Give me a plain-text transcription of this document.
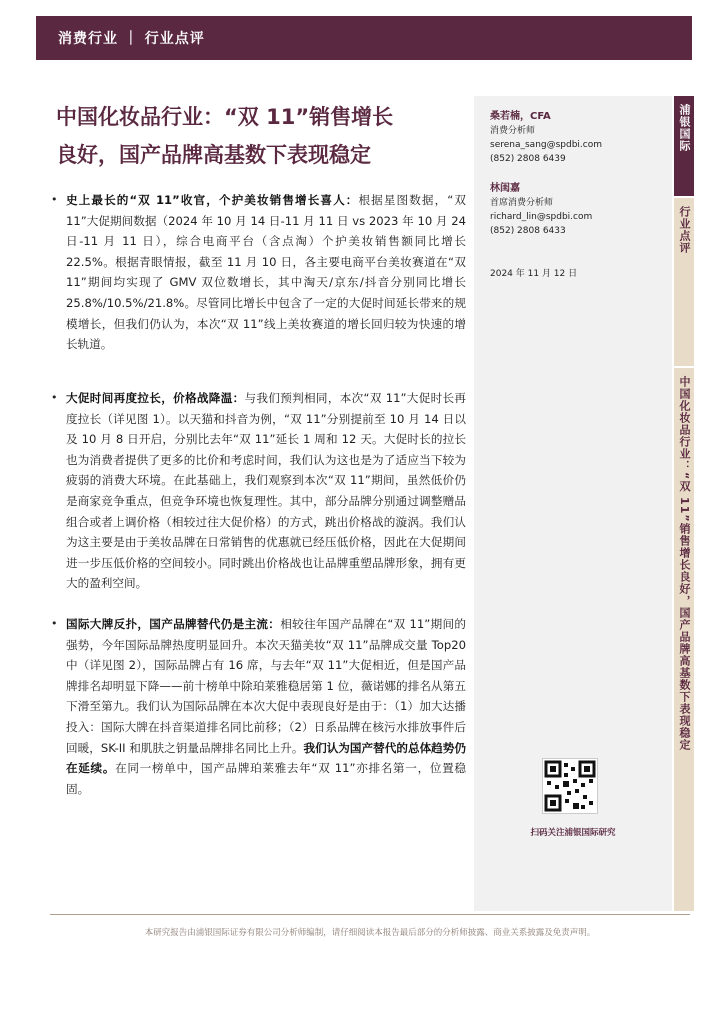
消费行业 ｜ 行业点评
中国化妆品行业：“双 11”销售增长
良好，国产品牌高基数下表现稳定
• 史上最长的“双 11”收官，个护美妆销售增长喜人：根据星图数据，“双 11”大促期间数据（2024 年 10 月 14 日-11 月 11 日 vs 2023 年 10 月 24 日-11 月 11 日），综合电商平台（含点淘）个护美妆销售额同比增长 22.5%。根据青眼情报，截至 11 月 10 日，各主要电商平台美妆赛道在“双 11”期间均实现了 GMV 双位数增长，其中淘天/京东/抖音分别同比增长 25.8%/10.5%/21.8%。尽管同比增长中包含了一定的大促时间延长带来的规模增长，但我们仍认为，本次“双 11”线上美妆赛道的增长回归较为快速的增长轨道。
• 大促时间再度拉长，价格战降温：与我们预判相同，本次“双 11”大促时长再度拉长（详见图 1）。以天猫和抖音为例，“双 11”分别提前至 10 月 14 日以及 10 月 8 日开启，分别比去年“双 11”延长 1 周和 12 天。大促时长的拉长也为消费者提供了更多的比价和考虑时间，我们认为这也是为了适应当下较为疲弱的消费大环境。在此基础上，我们观察到本次“双 11”期间，虽然低价仍是商家竞争重点，但竞争环境也恢复理性。其中，部分品牌分别通过调整赠品组合或者上调价格（相较过往大促价格）的方式，跳出价格战的漩涡。我们认为这主要是由于美妆品牌在日常销售的优惠就已经压低价格，因此在大促期间进一步压低价格的空间较小。同时跳出价格战也让品牌重塑品牌形象，拥有更大的盈利空间。
• 国际大牌反扑，国产品牌替代仍是主流：相较往年国产品牌在“双 11”期间的强势，今年国际品牌热度明显回升。本次天猫美妆“双 11”品牌成交量 Top20 中（详见图 2），国际品牌占有 16 席，与去年“双 11”大促相近，但是国产品牌排名却明显下降——前十榜单中除珀莱雅稳居第 1 位，薇诺娜的排名从第五下滑至第九。我们认为国际品牌在本次大促中表现良好是由于：（1）加大达播投入：国际大牌在抖音渠道排名同比前移；（2）日系品牌在核污水排放事件后回暖，SK-II 和肌肤之钥量品牌排名同比上升。我们认为国产替代的总体趋势仍在延续。在同一榜单中，国产品牌珀莱雅去年“双 11”亦排名第一，位置稳固。
桑若楠，CFA
消费分析师
serena_sang@spdbi.com
(852) 2808 6439
林闺嘉
首席消费分析师
richard_lin@spdbi.com
(852) 2808 6433
2024 年 11 月 12 日
扫码关注浦银国际研究
浦银国际
行业点评
中国化妆品行业：“双 11”销售增长良好，国产品牌高基数下表现稳定
本研究报告由浦银国际证券有限公司分析师编制，请仔细阅读本报告最后部分的分析师披露、商业关系披露及免责声明。
